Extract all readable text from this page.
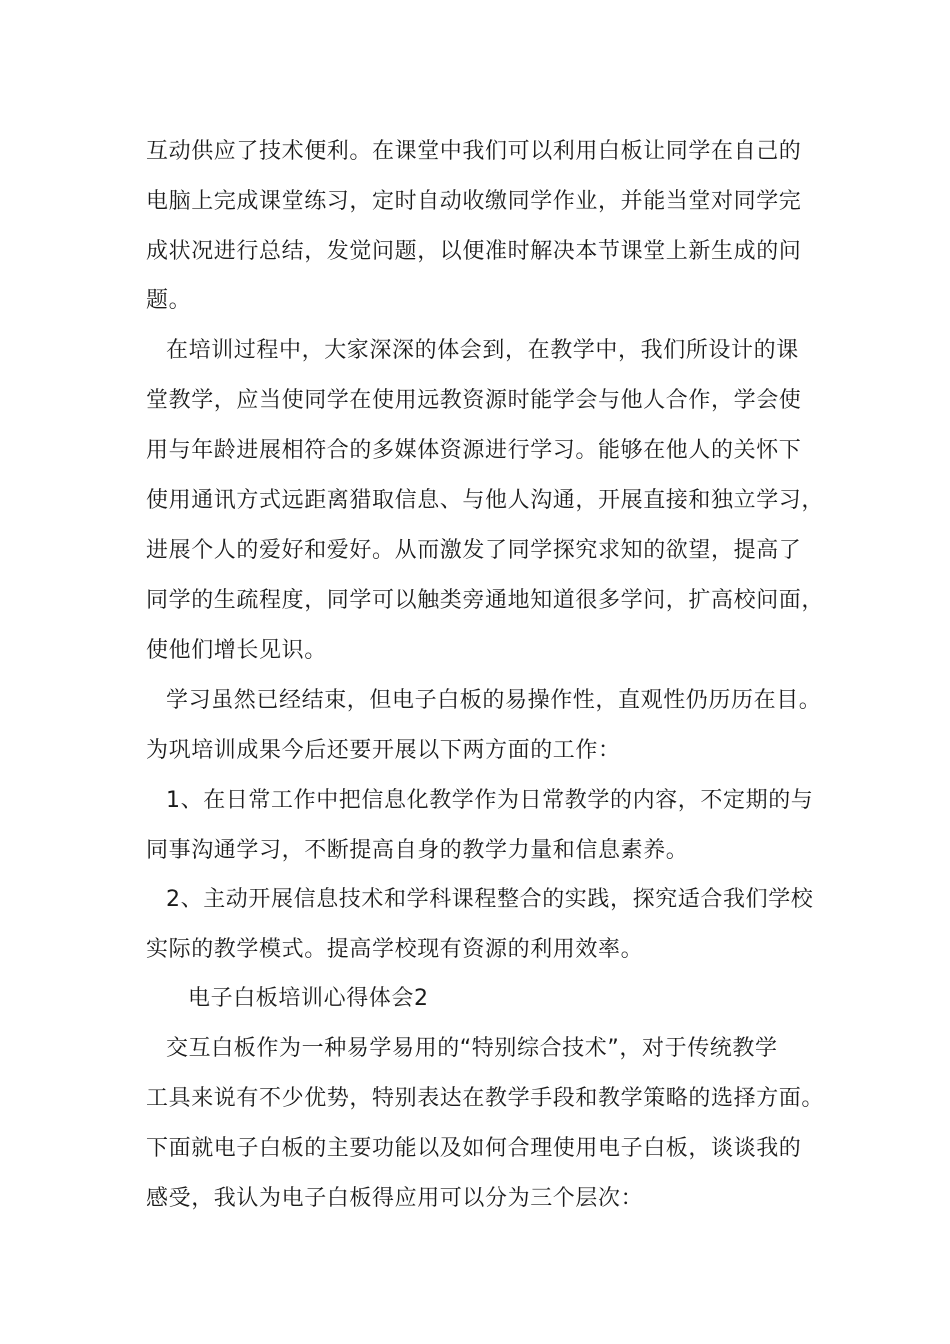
互动供应了技术便利。在课堂中我们可以利用白板让同学在自己的
电脑上完成课堂练习，定时自动收缴同学作业，并能当堂对同学完
成状况进行总结，发觉问题，以便准时解决本节课堂上新生成的问
题。
在培训过程中，大家深深的体会到，在教学中，我们所设计的课
堂教学，应当使同学在使用远教资源时能学会与他人合作，学会使
用与年龄进展相符合的多媒体资源进行学习。能够在他人的关怀下
使用通讯方式远距离猎取信息、与他人沟通，开展直接和独立学习，
进展个人的爱好和爱好。从而激发了同学探究求知的欲望，提高了
同学的生疏程度，同学可以触类旁通地知道很多学问，扩高校问面，
使他们增长见识。
学习虽然已经结束，但电子白板的易操作性，直观性仍历历在目。
为巩培训成果今后还要开展以下两方面的工作：
1、在日常工作中把信息化教学作为日常教学的内容，不定期的与
同事沟通学习，不断提高自身的教学力量和信息素养。
2、主动开展信息技术和学科课程整合的实践，探究适合我们学校
实际的教学模式。提高学校现有资源的利用效率。
电子白板培训心得体会2
交互白板作为一种易学易用的“特别综合技术”，对于传统教学
工具来说有不少优势，特别表达在教学手段和教学策略的选择方面。
下面就电子白板的主要功能以及如何合理使用电子白板，谈谈我的
感受，我认为电子白板得应用可以分为三个层次：
